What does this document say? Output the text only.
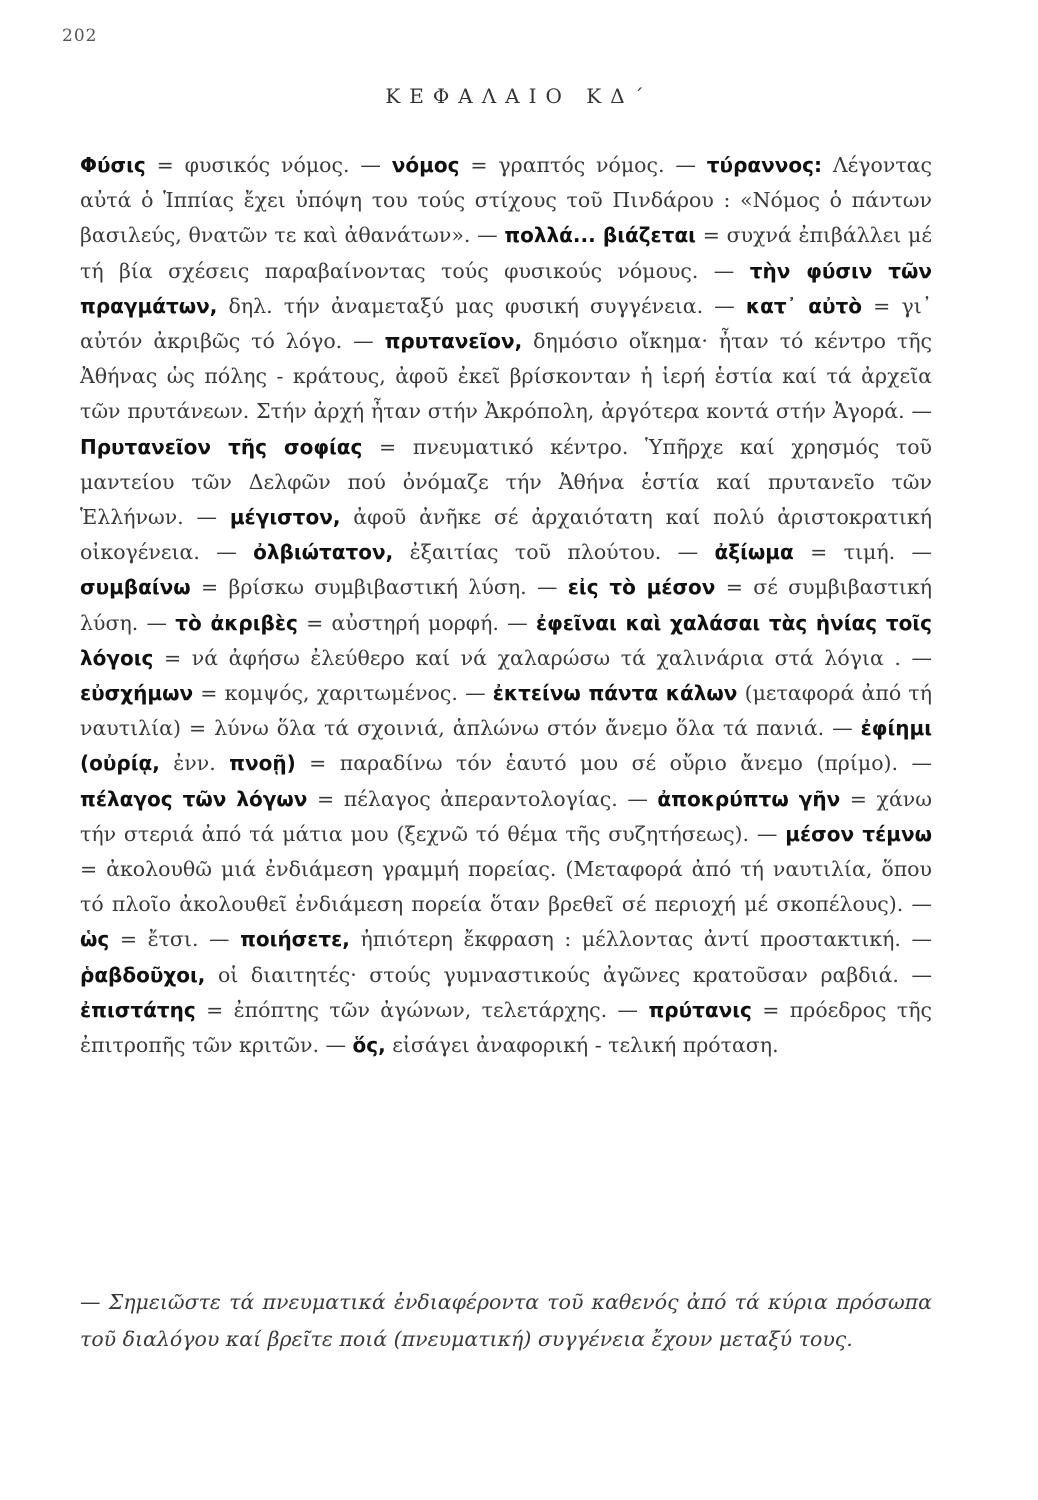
202
ΚΕΦΑΛΑΙΟ ΚΔ΄

Φύσις = φυσικός νόμος. — νόμος = γραπτός νόμος. — τύραννος: Λέγοντας αὐτά ὁ Ἱππίας ἔχει ὑπόψη του τούς στίχους τοῦ Πινδάρου : «Νόμος ὁ πάντων βασιλεύς, θνατῶν τε καὶ ἀθανάτων». — πολλά... βιάζεται = συχνά ἐπιβάλλει μέ τή βία σχέσεις παραβαίνοντας τούς φυσικούς νόμους. — τὴν φύσιν τῶν πραγμάτων, δηλ. τήν ἀναμεταξύ μας φυσική συγγένεια. — κατ᾽ αὐτὸ = γι᾽ αὐτόν ἀκριβῶς τό λόγο. — πρυτανεῖον, δημόσιο οἴκημα· ἦταν τό κέντρο τῆς Ἀθήνας ὡς πόλης - κράτους, ἀφοῦ ἐκεῖ βρίσκονταν ἡ ἱερή ἑστία καί τά ἀρχεῖα τῶν πρυτάνεων. Στήν ἀρχή ἦταν στήν Ἀκρόπολη, ἀργότερα κοντά στήν Ἀγορά. — Πρυτανεῖον τῆς σοφίας = πνευματικό κέντρο. Ὑπῆρχε καί χρησμός τοῦ μαντείου τῶν Δελφῶν πού ὀνόμαζε τήν Ἀθήνα ἑστία καί πρυτανεῖο τῶν Ἑλλήνων. — μέγιστον, ἀφοῦ ἀνῆκε σέ ἀρχαιότατη καί πολύ ἀριστοκρατική οἰκογένεια. — ὀλβιώτατον, ἐξαιτίας τοῦ πλούτου. — ἀξίωμα = τιμή. — συμβαίνω = βρίσκω συμβιβαστική λύση. — εἰς τὸ μέσον = σέ συμβιβαστική λύση. — τὸ ἀκριβὲς = αὐστηρή μορφή. — ἐφεῖναι καὶ χαλάσαι τὰς ἡνίας τοῖς λόγοις = νά ἀφήσω ἐλεύθερο καί νά χαλαρώσω τά χαλινάρια στά λόγια . — εὐσχήμων = κομψός, χαριτωμένος. — ἐκτείνω πάντα κάλων (μεταφορά ἀπό τή ναυτιλία) = λύνω ὅλα τά σχοινιά, ἁπλώνω στόν ἄνεμο ὅλα τά πανιά. — ἐφίημι (οὐρίᾳ, ἐνν. πνοῇ) = παραδίνω τόν ἑαυτό μου σέ οὔριο ἄνεμο (πρίμο). — πέλαγος τῶν λόγων = πέλαγος ἀπεραντολογίας. — ἀποκρύπτω γῆν = χάνω τήν στεριά ἀπό τά μάτια μου (ξεχνῶ τό θέμα τῆς συζητήσεως). — μέσον τέμνω = ἀκολουθῶ μιά ἐνδιάμεση γραμμή πορείας. (Μεταφορά ἀπό τή ναυτιλία, ὅπου τό πλοῖο ἀκολουθεῖ ἐνδιάμεση πορεία ὅταν βρεθεῖ σέ περιοχή μέ σκοπέλους). — ὡς = ἔτσι. — ποιήσετε, ἠπιότερη ἔκφραση : μέλλοντας ἀντί προστακτική. — ῥαβδοῦχοι, οἱ διαιτητές· στούς γυμναστικούς ἀγῶνες κρατοῦσαν ραβδιά. — ἐπιστάτης = ἐπόπτης τῶν ἀγώνων, τελετάρχης. — πρύτανις = πρόεδρος τῆς ἐπιτροπῆς τῶν κριτῶν. — ὅς, εἰσάγει ἀναφορική - τελική πρόταση.

— Σημειῶστε τά πνευματικά ἐνδιαφέροντα τοῦ καθενός ἀπό τά κύρια πρόσωπα τοῦ διαλόγου καί βρεῖτε ποιά (πνευματική) συγγένεια ἔχουν μεταξύ τους.
